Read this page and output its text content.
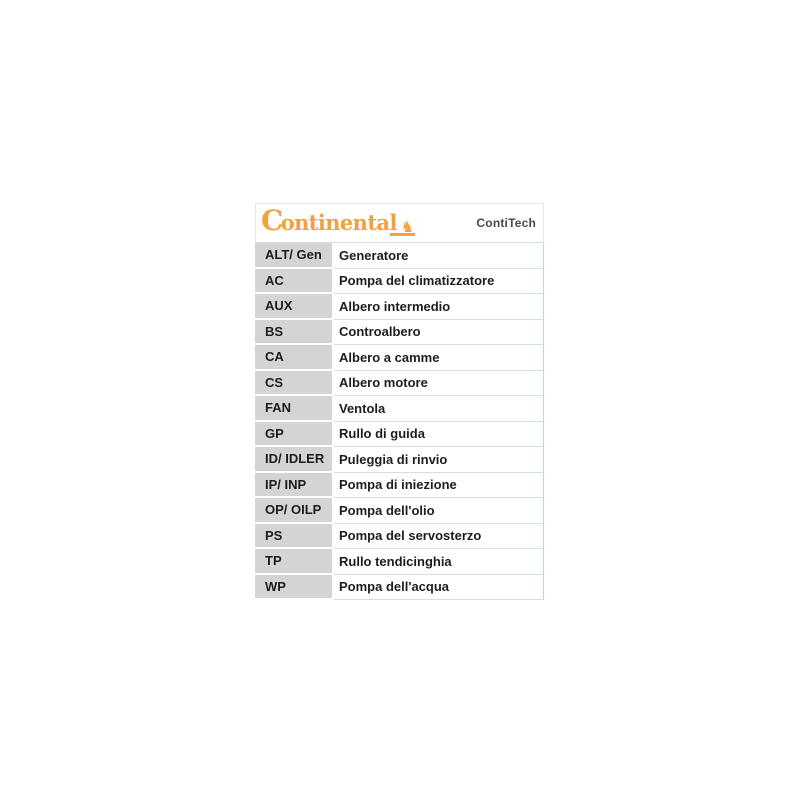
C
ontinental ♞	ContiTech
ALT/ Gen	Generatore
AC	Pompa del climatizzatore
AUX	Albero intermedio
BS	Controalbero
CA	Albero a camme
CS	Albero motore
FAN	Ventola
GP	Rullo di guida
ID/ IDLER	Puleggia di rinvio
IP/ INP	Pompa di iniezione
OP/ OILP	Pompa dell'olio
PS	Pompa del servosterzo
TP	Rullo tendicinghia
WP	Pompa dell'acqua
